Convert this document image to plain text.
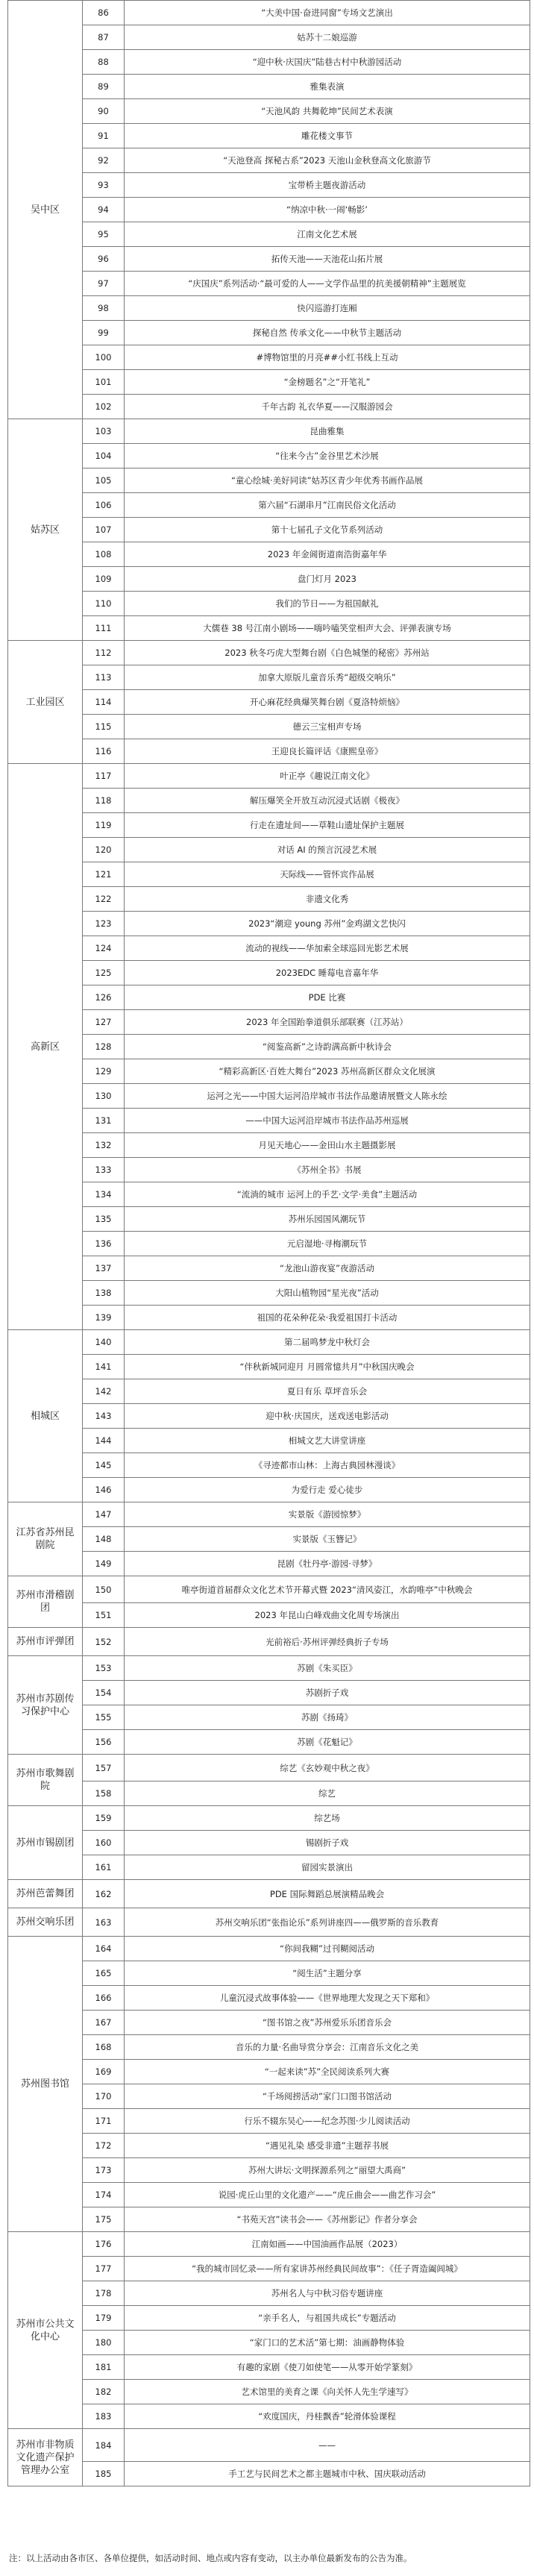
吴中区	86	“大美中国·奋进同窗”专场文艺演出
	87	姑苏十二娘巡游
	88	“迎中秋·庆国庆”陆巷古村中秋游园活动
	89	雅集表演
	90	“天池风韵 共舞乾坤”民间艺术表演
	91	雕花楼文事节
	92	“天池登高 探秘古系”2023 天池山金秋登高文化旅游节
	93	宝带桥主题夜游活动
	94	“纳凉中秋·一闹‘畅影’
	95	江南文化艺术展
	96	拓传天池——天池花山拓片展
	97	“庆国庆”系列活动·“最可爱的人——文学作品里的抗美援朝精神”主题展览
	98	快闪巡游打连厢
	99	探秘自然 传承文化——中秋节主题活动
	100	#博物馆里的月亮##小红书线上互动
	101	“金榜题名”之“开笔礼”
	102	千年古韵 礼衣华夏——汉服游园会
姑苏区	103	昆曲雅集
	104	“往来今古”金谷里艺术沙展
	105	“童心绘城·美好同读”姑苏区青少年优秀书画作品展
	106	第六届“石湖串月”江南民俗文化活动
	107	第十七届孔子文化节系列活动
	108	2023 年金阊街道南浩街嘉年华
	109	盘门灯月 2023
	110	我们的节日——为祖国献礼
	111	大儒巷 38 号江南小剧场——嗨吟嗑笑堂相声大会、评弹表演专场
工业园区	112	2023 秋冬巧虎大型舞台剧《白色城堡的秘密》苏州站
	113	加拿大原版儿童音乐秀“超级交响乐”
	114	开心麻花经典爆笑舞台剧《夏洛特烦恼》
	115	德云三宝相声专场
	116	王迎良长篇评话《康熙皇帝》
高新区	117	叶正亭《趣说江南文化》
	118	解压爆笑全开放互动沉浸式话剧《极夜》
	119	行走在遗址间——草鞋山遗址保护主题展
	120	对话 AI 的预言沉浸艺术展
	121	天际线——管怀宾作品展
	122	非遗文化秀
	123	2023“潮迎 young 苏州”金鸡湖文艺快闪
	124	流动的视线——华加索全球巡回光影艺术展
	125	2023EDC 睡莓电音嘉年华
	126	PDE 比赛
	127	2023 年全国跆拳道俱乐部联赛（江苏站）
	128	“阅鉴高新”之诗韵满高新中秋诗会
	129	“精彩高新区·百姓大舞台”2023 苏州高新区群众文化展演
	130	运河之光——中国大运河沿岸城市书法作品邀请展暨文人陈永绘
	131	——中国大运河沿岸城市书法作品苏州巡展
	132	月见天地心——金田山水主题摄影展
	133	《苏州全书》书展
	134	“流淌的城市 运河上的手艺·文学·美食”主题活动
	135	苏州乐园国风潮玩节
	136	元启湿地·寻梅潮玩节
	137	“龙池山游夜宴”夜游活动
	138	大阳山植物园“星光夜”活动
	139	祖国的花朵种花朵·我爱祖国打卡活动
相城区	140	第二届鸣梦龙中秋灯会
	141	“伴秋新城同迎月 月圆常憶共月”中秋国庆晚会
	142	夏日有乐 草坪音乐会
	143	迎中秋·庆国庆，送戏送电影活动
	144	相城文艺大讲堂讲座
	145	《寻迹都市山林：上海古典园林漫谈》
	146	为爱行走 爱心徒步
江苏省苏州昆剧院	147	实景版《游园惊梦》
	148	实景版《玉簪记》
	149	昆剧《牡丹亭·游园·寻梦》
苏州市滑稽剧团	150	唯亭街道首届群众文化艺术节开幕式暨 2023“清风姿江，水韵唯亭”中秋晚会
	151	2023 年昆山白峰戏曲文化周专场演出
苏州市评弹团	152	光前裕后·苏州评弹经典折子专场
苏州市苏剧传习保护中心	153	苏剧《朱买臣》
	154	苏剧折子戏
	155	苏剧《扬琦》
	156	苏剧《花魁记》
苏州市歌舞剧院	157	综艺《玄妙观中秋之夜》
	158	综艺
苏州市锡剧团	159	综艺场
	160	锡剧折子戏
	161	留园实景演出
苏州芭蕾舞团	162	PDE 国际舞蹈总展演精品晚会
苏州交响乐团	163	苏州交响乐团“张指论乐”系列讲座四——俄罗斯的音乐教育
苏州图书馆	164	“你间我糊”过刊糊阅活动
	165	“阅生活”主题分享
	166	儿童沉浸式故事体验——《世界地理大发现之天下郑和》
	167	“图书馆之夜”苏州爱乐乐团音乐会
	168	音乐的力量·名曲导赏分享会：江南音乐文化之美
	169	“一起来读”苏”全民阅读系列大赛
	170	“千场阅捞活动”家门口图书馆活动
	171	行乐不辍东吴心——纪念苏图·少儿阅读活动
	172	“遇见礼染 感受非遗”主题荐书展
	173	苏州大讲坛·文明探源系列之“丽望大禹商”
	174	说园·虎丘山里的文化遗产——“虎丘曲会——曲艺作习会”
	175	“书苑天宫”读书会——《苏州影记》作者分享会
苏州市公共文化中心	176	江南如画——中国油画作品展（2023）
	177	“我的城市回忆录——所有家讲苏州经典民间故事”：《任子胥造阖闾城》
	178	苏州名人与中秋习俗专题讲座
	179	“亲手名人，与祖国共成长”专题活动
	180	“家门口的艺术活”第七期：油画静物体验
	181	有趣的家剧《使刀如使笔——从零开始学篆刻》
	182	艺术馆里的美育之课《向关怀人先生学速写》
	183	“欢度国庆，丹桂飘香”轮滑体验课程
苏州市非物质文化遗产保护管理办公室	184	——
	185	手工艺与民间艺术之都主题城市中秋、国庆联动活动
注：以上活动由各市区、各单位提供，如活动时间、地点或内容有变动，以主办单位最新发布的公告为准。
